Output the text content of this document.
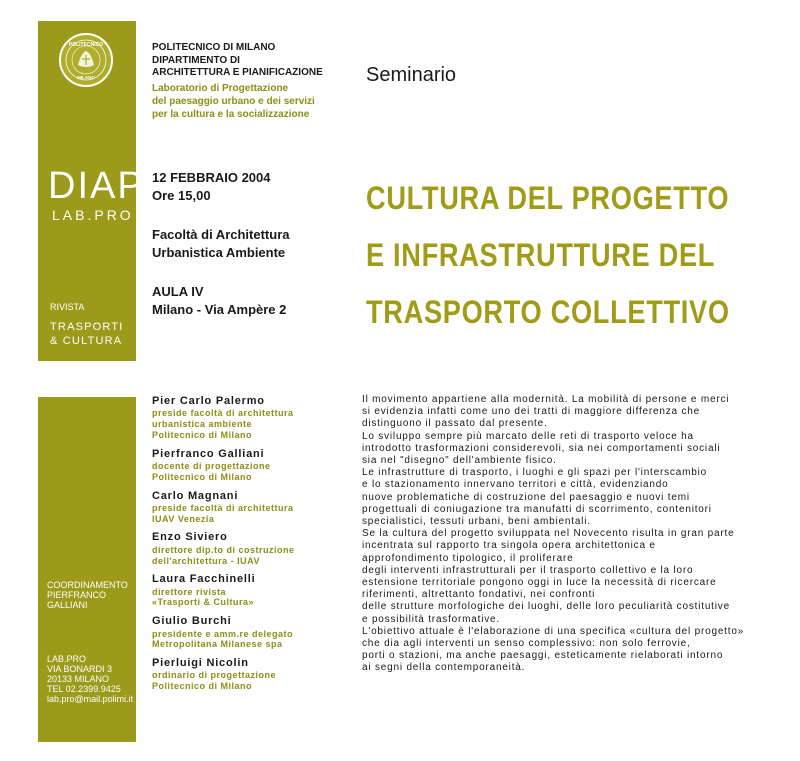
POLITECNICO
MILANO
DIAP
LAB.PRO
RIVISTA
TRASPORTI
& CULTURA
COORDINAMENTO
PIERFRANCO
GALLIANI
LAB.PRO
VIA BONARDI 3
20133 MILANO
TEL 02.2399.9425
lab.pro@mail.polimi.it
POLITECNICO DI MILANO
DIPARTIMENTO DI
ARCHITETTURA E PIANIFICAZIONE
Laboratorio di Progettazione
del paesaggio urbano e dei servizi
per la cultura e la socializzazione
Seminario
12 FEBBRAIO 2004
Ore 15,00
Facoltà di Architettura
Urbanistica Ambiente
AULA IV
Milano - Via Ampère 2
CULTURA DEL PROGETTO
E INFRASTRUTTURE DEL
TRASPORTO COLLETTIVO
Pier Carlo Palermo
preside facoltà di architettura
urbanistica ambiente
Politecnico di Milano
Pierfranco Galliani
docente di progettazione
Politecnico di Milano
Carlo Magnani
preside facoltà di architettura
IUAV Venezia
Enzo Siviero
direttore dip.to di costruzione
dell'architettura - IUAV
Laura Facchinelli
direttore rivista
«Trasporti & Cultura»
Giulio Burchi
presidente e amm.re delegato
Metropolitana Milanese spa
Pierluigi Nicolin
ordinario di progettazione
Politecnico di Milano

Il movimento appartiene alla modernità. La mobilità di persone e merci

si evidenzia infatti come uno dei tratti di maggiore differenza che

distinguono il passato dal presente.

Lo sviluppo sempre più marcato delle reti di trasporto veloce ha

introdotto trasformazioni considerevoli, sia nei comportamenti sociali

sia nel "disegno" dell'ambiente fisico.

Le infrastrutture di trasporto, i luoghi e gli spazi per l'interscambio

e lo stazionamento innervano territori e città, evidenziando

nuove problematiche di costruzione del paesaggio e nuovi temi

progettuali di coniugazione tra manufatti di scorrimento, contenitori

specialistici, tessuti urbani, beni ambientali.

Se la cultura del progetto sviluppata nel Novecento risulta in gran parte

incentrata sul rapporto tra singola opera architettonica e

approfondimento tipologico, il proliferare

degli interventi infrastrutturali per il trasporto collettivo e la loro

estensione territoriale pongono oggi in luce la necessità di ricercare

riferimenti, altrettanto fondativi, nei confronti

delle strutture morfologiche dei luoghi, delle loro peculiarità costitutive

e possibilità trasformative.

L'obiettivo attuale è l'elaborazione di una specifica «cultura del progetto»

che dia agli interventi un senso complessivo: non solo ferrovie,

porti o stazioni, ma anche paesaggi, esteticamente rielaborati intorno

ai segni della contemporaneità.
